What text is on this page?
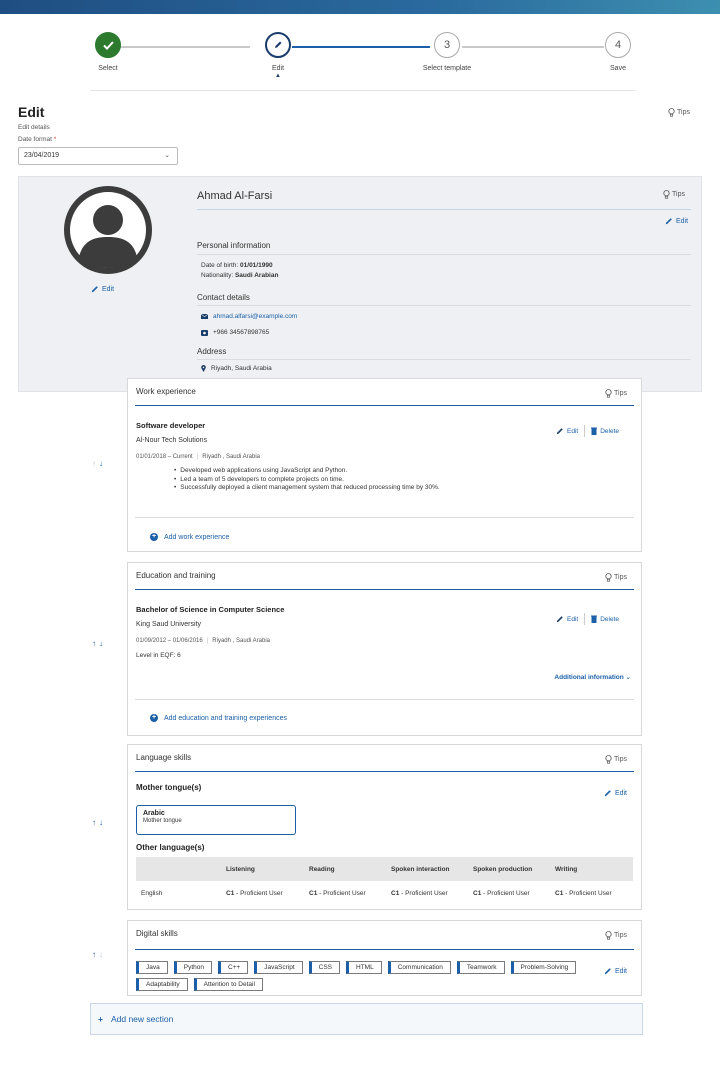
Select	Edit
▲
3
Select template
4
Save
Edit
Edit details
Date format *
23/04/2019	⌄
Tips
Edit
Ahmad Al-Farsi	Tips
Edit
Personal information
Date of birth: 01/01/1990
Nationality: Saudi Arabian
Contact details
ahmad.alfarsi@example.com
+966 345678987​65
Address
Riyadh, Saudi Arabia
↑↓
Work experience	Tips
Software developer
Al-Nour Tech Solutions
01/01/2018 – Current | Riyadh , Saudi Arabia
• Developed web applications using JavaScript and Python.
• Led a team of 5 developers to complete projects on time.
• Successfully deployed a client management system that reduced processing time by 30%.
Edit	Delete
+ Add work experience
↑↓
Education and training	Tips
Bachelor of Science in Computer Science
King Saud University
01/09/2012 – 01/06/2016 | Riyadh , Saudi Arabia
Level in EQF: 6
Edit	Delete
Additional information ⌄
+ Add education and training experiences
↑↓
Language skills	Tips
Mother tongue(s)
Edit
Arabic
Mother tongue
Other language(s)
	Listening	Reading	Spoken interaction	Spoken production	Writing
English	C1 - Proficient User	C1 - Proficient User	C1 - Proficient User	C1 - Proficient User	C1 - Proficient User
↑↓
Digital skills	Tips
Java	Python	C++	JavaScript	CSS	HTML	Communication	Teamwork	Problem-Solving
Adaptability	Attention to Detail
Edit
+ Add new section
